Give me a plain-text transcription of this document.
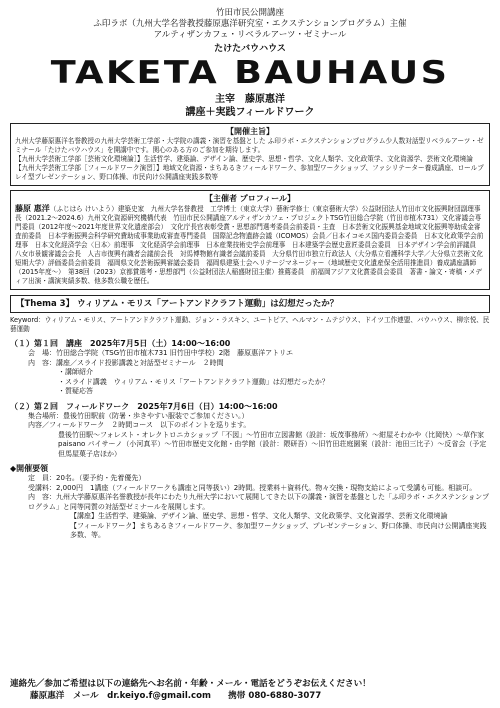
竹田市民公開講座
ふ印ラボ（九州大学名誉教授藤原惠洋研究室・エクステンションプログラム）主催
アルティザンカフェ・リベラルアーツ・ゼミナール
たけたバウハウス
TAKETA BAUHAUS
主宰　藤原惠洋
講座＋実践フィールドワーク
【開催主旨】

九州大学藤原惠洋名誉教授の九州大学芸術工学部・大学院の講義・演習を基盤とした ふ印ラボ・エクステンションプログラム少人数対話型リベラルアーツ・ゼミナール「たけたバウハウス」を開講中です。関心のある方のご参加を期待します。

【九州大学芸術工学部［芸術文化環境論］】生活哲学、建築論、デザイン論、歴史学、思想・哲学、文化人類学、文化政策学、文化資源学、芸術文化環境論

【九州大学芸術工学部［フィールドワーク演習］】地域文化資源・まちあるきフィールドワーク、参加型ワークショップ、ファシリテーター養成講座、ロールプレイ型プレゼンテーション、野口体操、市民向け公開講座実践多数等

【主催者 プロフィール】

藤原 惠洋（ふじはら けいよう）建築史家　九州大学名誉教授　工学博士（東京大学）藝術学修士（東京藝術大学）公益財団法人竹田市文化振興財団副理事長（2021.2〜2024.6）九州文化資源研究機構代表　竹田市民公開講座アルティザンカフェ・プロジェクトTSG竹田総合学院（竹田市植木731）文化審議会専門委員（2012年度〜2021年度世界文化遺産部会）　文化庁長官表彰受賞・思想部門選考委員会前委員・主査　日本芸術文化振興基金地域文化振興等助成金審査前委員　日本学術振興会科学研究費助成事業助成審査専門委員　国際記念物遺跡会議（ICOMOS）会員／日本イコモス国内委員会委員　日本文化政策学会前理事　日本文化経済学会〈日本〉前理事　文化経済学会前理事　日本産業技術史学会前理事　日本建築学会歴史意匠委員会委員　日本デザイン学会前評議員　八女市景観審議会会長　人吉市復興有識者会議前会長　対馬博物館有識者会議前委員　大分県竹田市独立行政法人（大分県立看護科学大学／大分県立芸術文化短期大学）評価委員会前委員　福岡県文化芸術振興審議会委員　福岡県建築士会ヘリテージマネージャー（地域歴史文化遺産保全活用推進員）養成講座講師（2015年度〜）　第38回（2023）京都賞選考・思想部門（公益財団法人稲盛財団主催）推薦委員　前福岡アジア文化賞委員会委員　著書・論文・寄稿・メディア出演・講演実績多数、他多数公職を歴任。

【Thema 3】 ウィリアム・モリス「アートアンドクラフト運動」は幻想だったか？
Keyword：ウィリアム・モリス、アートアンドクラフト運動、ジョン・ラスキン、ユートピア、ヘルマン・ムテジウス、ドイツ工作連盟、バウハウス、柳宗悦、民藝運動
（１）第１回　講座　2025年7月5日（土）14:00〜16:00
会　場：竹田総合学院（TSG竹田市植木731 旧竹田中学校）2階　藤原惠洋アトリエ
内　容：講座／スライド投影講義と対話型ゼミナール　２時間
・講師紹介
・スライド講義　ウィリアム・モリス「アートアンドクラフト運動」は幻想だったか？
・質疑応答
（２）第２回　フィールドワーク　2025年7月6日（日）14:00〜16:00
集合場所：豊後竹田駅前（防暑・歩きやすい服装でご参加ください。）
内容／フィールドワーク　２時間コース　以下のポイントを巡ります。
豊後竹田駅〜フォレスト・オレクトロニカショップ「不図」〜竹田市立図書館（設計：坂茂事務所）〜紺屋そわかや（比岡快）〜草作家 paisano パイサーノ（小河真平）〜竹田市歴史文化館・由学館（設計：隈研吾）〜旧竹田荘庭園案（設計：池田三比子）〜反省会（予定　但馬屋菓子店ほか）
◆開催要領
定　員：20名。（要予約・先着優先）
受講料：2,000円　1講座（フィールドワークも講座と同等扱い）2時間。授業料＋資料代。物々交換・現物支給によって受講も可能。相談可。
内　容：九州大学藤原惠洋名誉教授が長年にわたり九州大学において展開してきた以下の講義・演習を基盤とした「ふ印ラボ・エクステンションプログラム」と同等同質の対話型ゼミナールを展開します。
【講座】生活哲学、建築論、デザイン論、歴史学、思想・哲学、文化人類学、文化政策学、文化資源学、芸術文化環境論
【フィールドワーク】まちあるきフィールドワーク、参加型ワークショップ、プレゼンテーション、野口体操、市民向け公開講座実践多数、等。
連絡先／参加ご希望は以下の連絡先へお名前・年齢・メール・電話をどうぞお伝えください！
藤原惠洋　メール　dr.keiyo.f@gmail.com　　携帯 080-6880-3077
